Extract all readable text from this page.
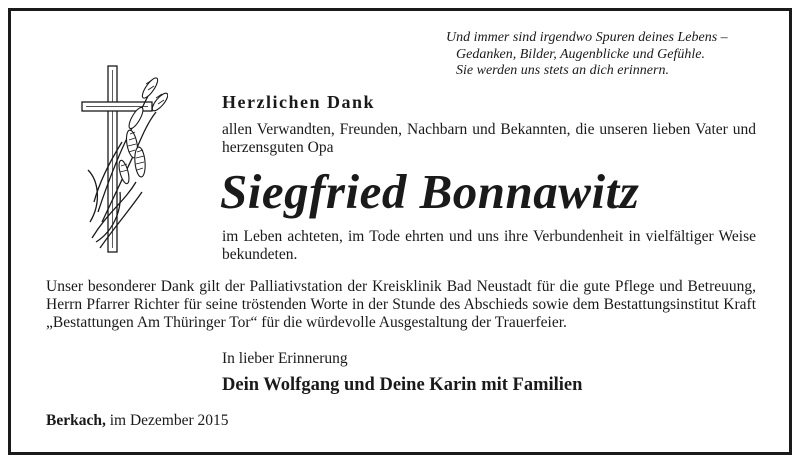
Und immer sind irgendwo Spuren deines Lebens –
Gedanken, Bilder, Augenblicke und Gefühle.
Sie werden uns stets an dich erinnern.
Herzlichen Dank
allen Verwandten, Freunden, Nachbarn und Bekannten, die unseren lieben Vater und herzensguten Opa
Siegfried Bonnawitz
im Leben achteten, im Tode ehrten und uns ihre Verbundenheit in vielfältiger Weise bekundeten.
Unser besonderer Dank gilt der Palliativstation der Kreisklinik Bad Neustadt für die gute Pflege und Betreuung, Herrn Pfarrer Richter für seine tröstenden Worte in der Stunde des Abschieds sowie dem Bestattungsinstitut Kraft „Bestattungen Am Thüringer Tor“ für die würdevolle Ausgestaltung der Trauerfeier.
In lieber Erinnerung
Dein Wolfgang und Deine Karin mit Familien
Berkach, im Dezember 2015
